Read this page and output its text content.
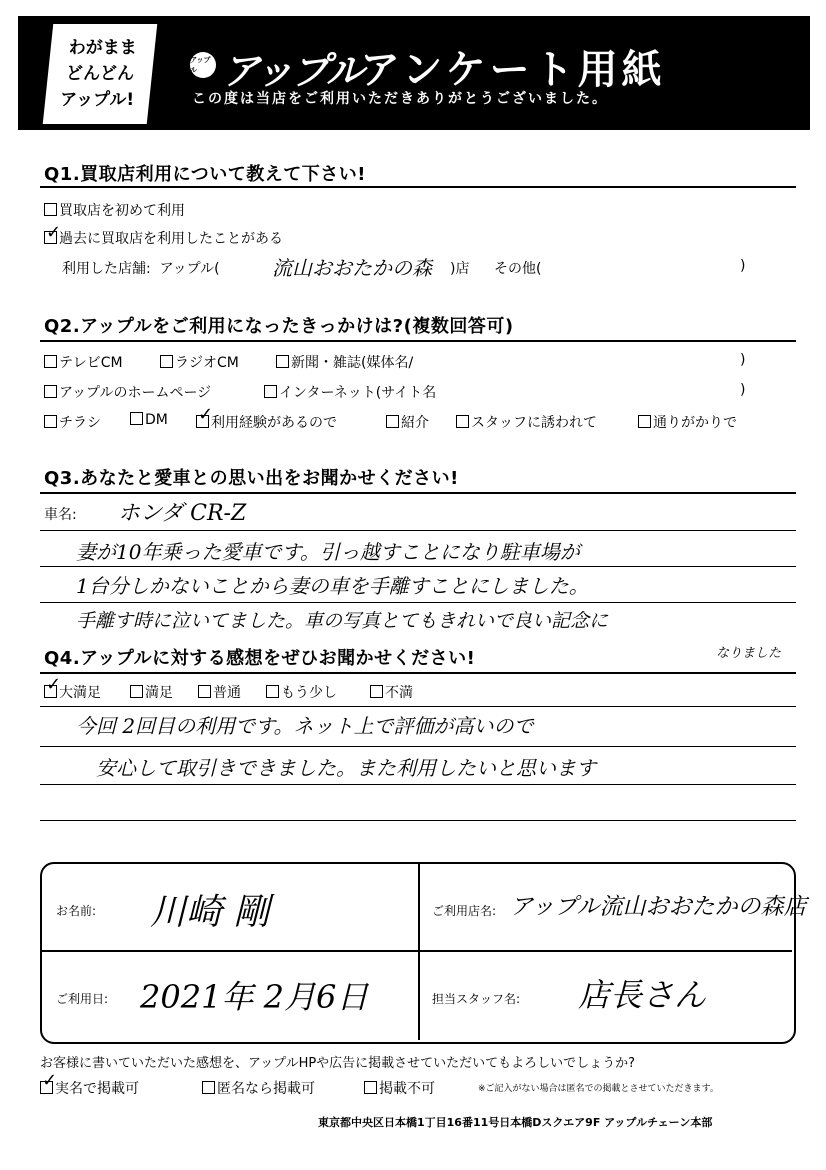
わがまま
どんどん
アップル!
アップル アップル
アンケート用紙
この度は当店をご利用いただきありがとうございました。
Q1.買取店利用について教えて下さい!
買取店を初めて利用
過去に買取店を利用したことがある
✓
利用した店舗: アップル(	流山おおたかの森 )店 その他(	)
Q2.アップルをご利用になったきっかけは?(複数回答可)
テレビCM	ラジオCM	新聞・雑誌(媒体名/	)
アップルのホームページ	インターネット(サイト名	)
チラシ	DM	利用経験があるので
✓	紹介	スタッフに誘われて	通りがかりで
Q3.あなたと愛車との思い出をお聞かせください!
車名: ホンダ CR-Z
妻が10年乗った愛車です。引っ越すことになり駐車場が
1台分しかないことから妻の車を手離すことにしました。
手離す時に泣いてました。車の写真とてもきれいで良い記念に
なりました
Q4.アップルに対する感想をぜひお聞かせください!
大満足
✓	満足	普通	もう少し	不満
今回 2回目の利用です。ネット上で評価が高いので
安心して取引きできました。また利用したいと思います
お名前: 川崎 剛	ご利用店名: アップル流山おおたかの森店
ご利用日: 2021年 2月6日	担当スタッフ名: 店長さん
お客様に書いていただいた感想を、アップルHPや広告に掲載させていただいてもよろしいでしょうか?
実名で掲載可
✓	匿名なら掲載可	掲載不可	※ご記入がない場合は匿名での掲載とさせていただきます。
東京都中央区日本橋1丁目16番11号日本橋Dスクエア9F アップルチェーン本部
